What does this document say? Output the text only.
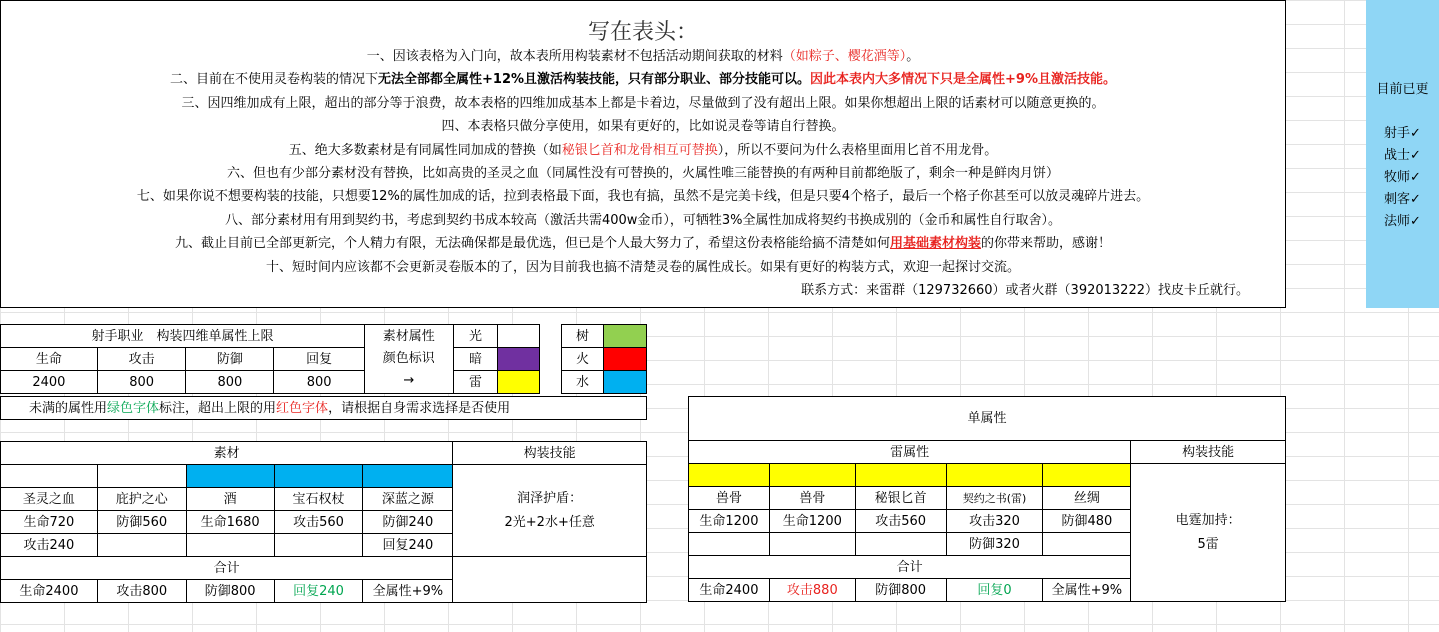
写在表头：
一、因该表格为入门向，故本表所用构装素材不包括活动期间获取的材料（如粽子、樱花酒等）。
二、目前在不使用灵卷构装的情况下无法全部都全属性+12%且激活构装技能，只有部分职业、部分技能可以。因此本表内大多情况下只是全属性+9%且激活技能。
三、因四维加成有上限，超出的部分等于浪费，故本表格的四维加成基本上都是卡着边，尽量做到了没有超出上限。如果你想超出上限的话素材可以随意更换的。
四、本表格只做分享使用，如果有更好的，比如说灵卷等请自行替换。
五、绝大多数素材是有同属性同加成的替换（如秘银匕首和龙骨相互可替换），所以不要问为什么表格里面用匕首不用龙骨。
六、但也有少部分素材没有替换，比如高贵的圣灵之血（同属性没有可替换的，火属性唯三能替换的有两种目前都绝版了，剩余一种是鲜肉月饼）
七、如果你说不想要构装的技能，只想要12%的属性加成的话，拉到表格最下面，我也有搞，虽然不是完美卡线，但是只要4个格子，最后一个格子你甚至可以放灵魂碎片进去。
八、部分素材用有用到契约书，考虑到契约书成本较高（激活共需400w金币），可牺牲3%全属性加成将契约书换成别的（金币和属性自行取舍）。
九、截止目前已全部更新完，个人精力有限，无法确保都是最优选，但已是个人最大努力了，希望这份表格能给搞不清楚如何用基础素材构装的你带来帮助，感谢！
十、短时间内应该都不会更新灵卷版本的了，因为目前我也搞不清楚灵卷的属性成长。如果有更好的构装方式，欢迎一起探讨交流。
联系方式：来雷群（129732660）或者火群（392013222）找皮卡丘就行。
目前已更
射手✓
战士✓
牧师✓
刺客✓
法师✓
射手职业　构装四维单属性上限			
生命	攻击	防御	回复
2400	800	800	800
素材属性
颜色标识
→	光			树	

	暗			火	

	雷			水	
未满的属性用绿色字体标注，超出上限的用红色字体，请根据自身需求选择是否使用
素材					构装技能

					润泽护盾：
2光+2水+任意

圣灵之血	庇护之心	酒	宝石权杖	深蓝之源	
生命720	防御560	生命1680	攻击560	防御240	
攻击240				回复240	
合计					
生命2400	攻击800	防御800	回复240	全属性+9%	
单属性					
雷属性					构装技能

					电霆加持：
5雷

兽骨	兽骨	秘银匕首	契约之书(雷)	丝绸	
生命1200	生命1200	攻击560	攻击320	防御480	
			防御320		
合计					
生命2400	攻击880	防御800	回复0	全属性+9%	
